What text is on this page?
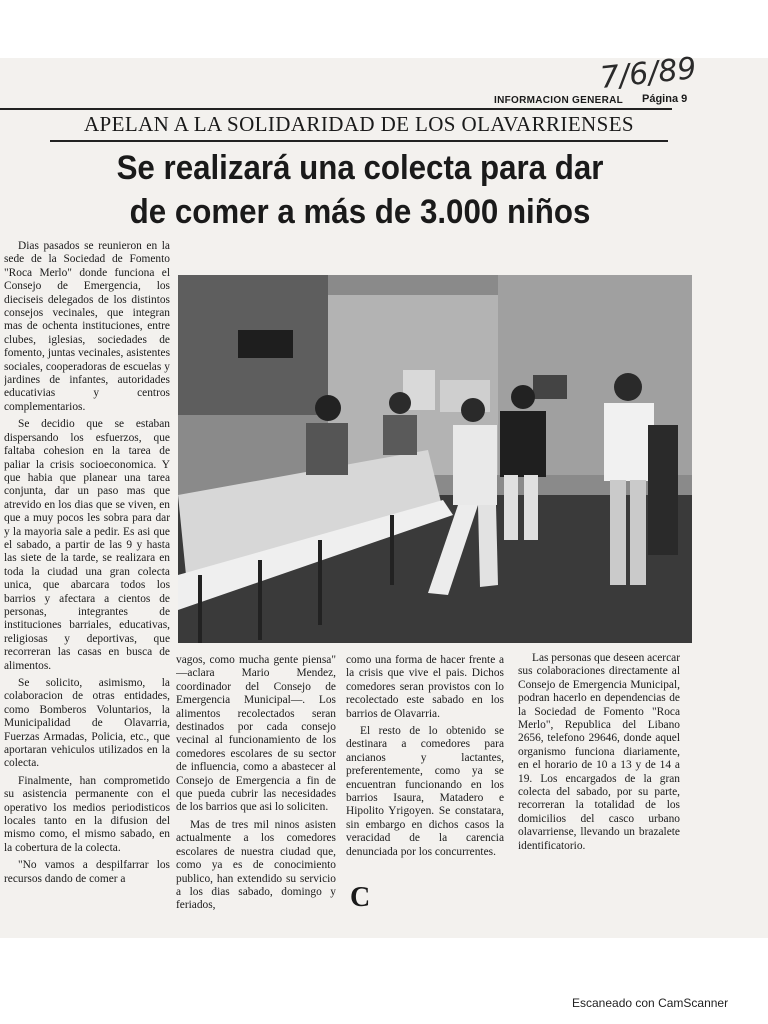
7/6/89
INFORMACION GENERAL Página 9
APELAN A LA SOLIDARIDAD DE LOS OLAVARRIENSES
Se realizará una colecta para dar
de comer a más de 3.000 niños

Dias pasados se reunieron en la sede de la Sociedad de Fomento "Roca Merlo" donde funciona el Consejo de Emergencia, los dieciseis delegados de los distintos consejos vecinales, que integran mas de ochenta instituciones, entre clubes, iglesias, sociedades de fomento, juntas vecinales, asistentes sociales, cooperadoras de escuelas y jardines de infantes, autoridades educativias y centros complementarios.

Se decidio que se estaban dispersando los esfuerzos, que faltaba cohesion en la tarea de paliar la crisis socioeconomica. Y que habia que planear una tarea conjunta, dar un paso mas que atrevido en los dias que se viven, en que a muy pocos les sobra para dar y la mayoria sale a pedir. Es asi que el sabado, a partir de las 9 y hasta las siete de la tarde, se realizara en toda la ciudad una gran colecta unica, que abarcara todos los barrios y afectara a cientos de personas, integrantes de instituciones barriales, educativas, religiosas y deportivas, que recorreran las casas en busca de alimentos.

Se solicito, asimismo, la colaboracion de otras entidades, como Bomberos Voluntarios, la Municipalidad de Olavarria, Fuerzas Armadas, Policia, etc., que aportaran vehiculos utilizados en la colecta.

Finalmente, han comprometido su asistencia permanente con el operativo los medios periodisticos locales tanto en la difusion del mismo como, el mismo sabado, en la cobertura de la colecta.

"No vamos a despilfarrar los recursos dando de comer a

vagos, como mucha gente piensa" —aclara Mario Mendez, coordinador del Consejo de Emergencia Municipal—. Los alimentos recolectados seran destinados por cada consejo vecinal al funcionamiento de los comedores escolares de su sector de influencia, como a abastecer al Consejo de Emergencia a fin de que pueda cubrir las necesidades de los barrios que asi lo soliciten.

Mas de tres mil ninos asisten actualmente a los comedores escolares de nuestra ciudad que, como ya es de conocimiento publico, han extendido su servicio a los dias sabado, domingo y feriados,

como una forma de hacer frente a la crisis que vive el pais. Dichos comedores seran provistos con lo recolectado este sabado en los barrios de Olavarria.

El resto de lo obtenido se destinara a comedores para ancianos y lactantes, preferentemente, como ya se encuentran funcionando en los barrios Isaura, Matadero e Hipolito Yrigoyen. Se constatara, sin embargo en dichos casos la veracidad de la carencia denunciada por los concurrentes.

C

Las personas que deseen acercar sus colaboraciones directamente al Consejo de Emergencia Municipal, podran hacerlo en dependencias de la Sociedad de Fomento "Roca Merlo", Republica del Libano 2656, telefono 29646, donde aquel organismo funciona diariamente, en el horario de 10 a 13 y de 14 a 19. Los encargados de la gran colecta del sabado, por su parte, recorreran la totalidad de los domicilios del casco urbano olavarriense, llevando un brazalete identificatorio.

Escaneado con CamScanner
